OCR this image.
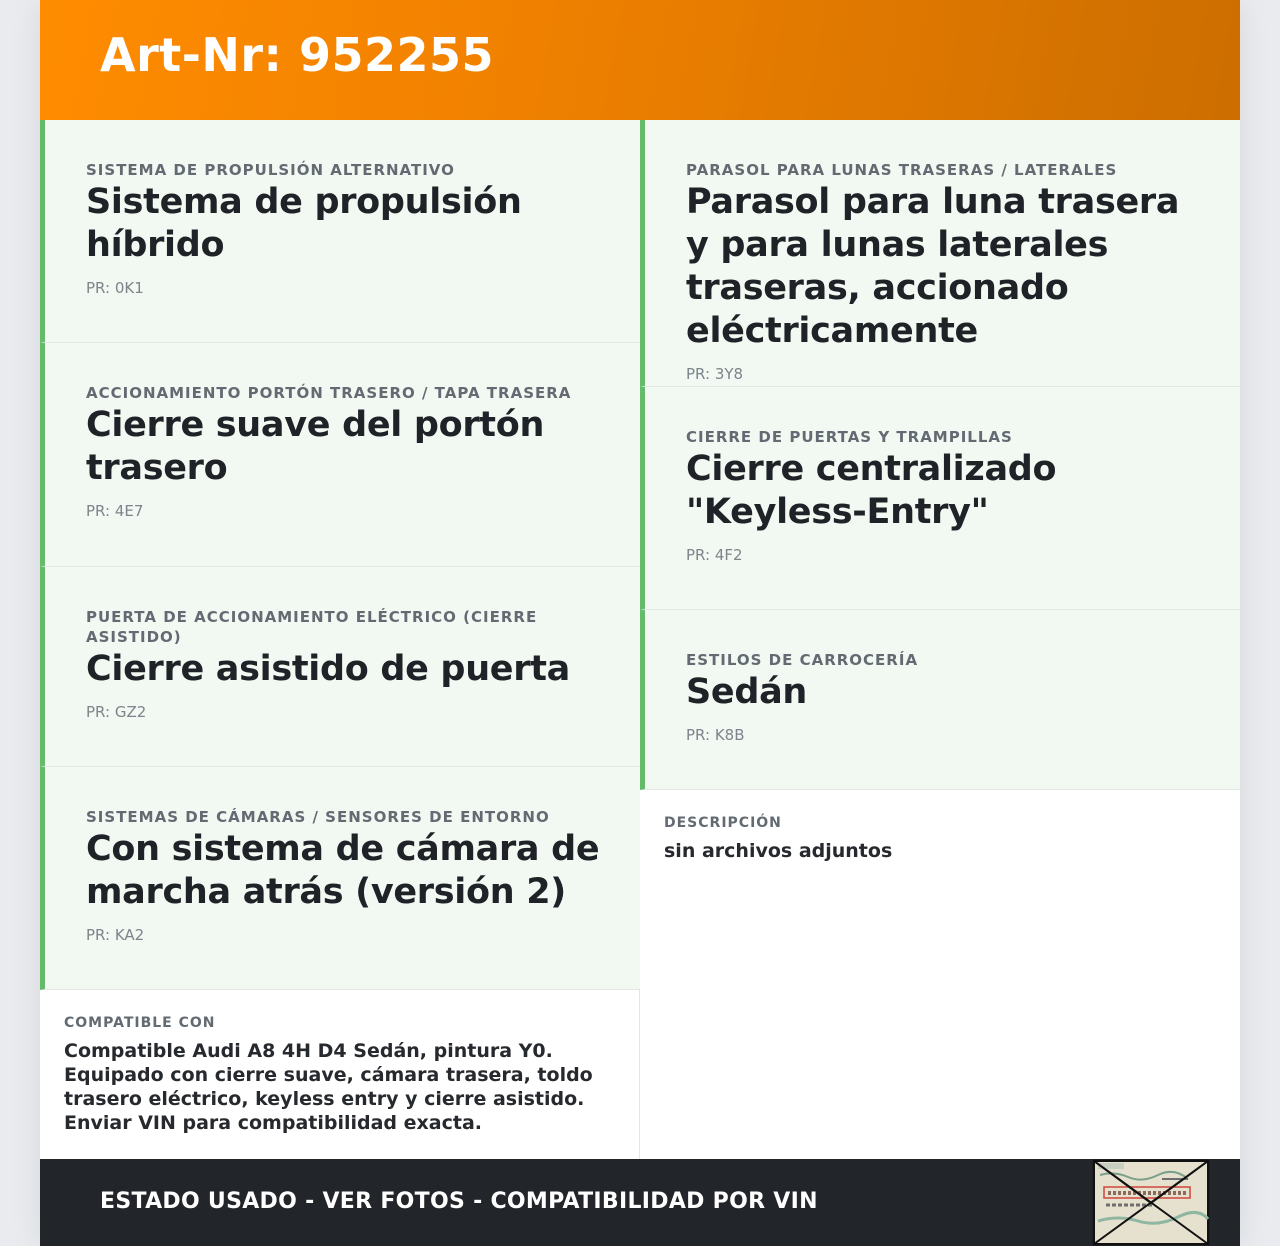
Art-Nr: 952255
SISTEMA DE PROPULSIÓN ALTERNATIVO
Sistema de propulsión híbrido
PR: 0K1
ACCIONAMIENTO PORTÓN TRASERO / TAPA TRASERA
Cierre suave del portón trasero
PR: 4E7
PUERTA DE ACCIONAMIENTO ELÉCTRICO (CIERRE ASISTIDO)
Cierre asistido de puerta
PR: GZ2
SISTEMAS DE CÁMARAS / SENSORES DE ENTORNO
Con sistema de cámara de marcha atrás (versión 2)
PR: KA2
PARASOL PARA LUNAS TRASERAS / LATERALES
Parasol para luna trasera y para lunas laterales traseras, accionado eléctricamente
PR: 3Y8
CIERRE DE PUERTAS Y TRAMPILLAS
Cierre centralizado "Keyless-Entry"
PR: 4F2
ESTILOS DE CARROCERÍA
Sedán
PR: K8B
DESCRIPCIÓN
sin archivos adjuntos
COMPATIBLE CON
Compatible Audi A8 4H D4 Sedán, pintura Y0. Equipado con cierre suave, cámara trasera, toldo trasero eléctrico, keyless entry y cierre asistido. Enviar VIN para compatibilidad exacta.
ESTADO USADO - VER FOTOS - COMPATIBILIDAD POR VIN
